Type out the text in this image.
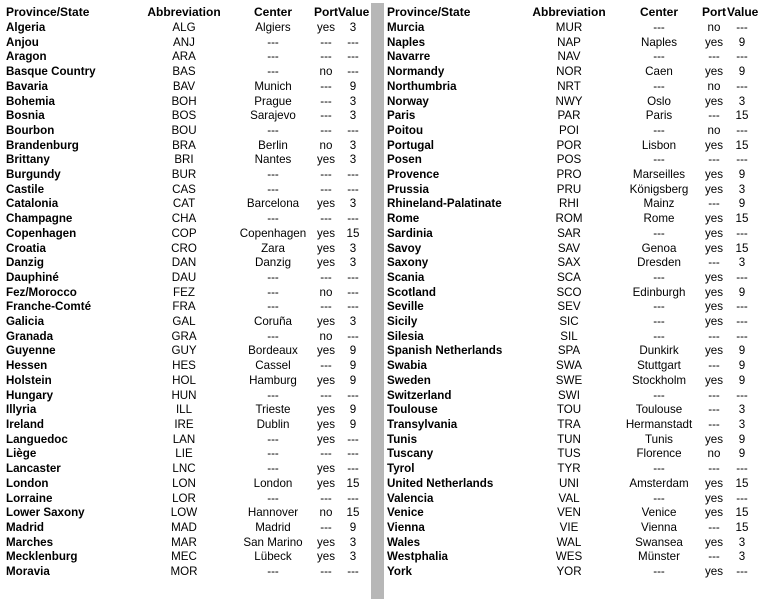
Province/State	Abbreviation	Center	Port	Value
Algeria	ALG	Algiers	yes	3
Anjou	ANJ	---	---	---
Aragon	ARA	---	---	---
Basque Country	BAS	---	no	---
Bavaria	BAV	Munich	---	9
Bohemia	BOH	Prague	---	3
Bosnia	BOS	Sarajevo	---	3
Bourbon	BOU	---	---	---
Brandenburg	BRA	Berlin	no	3
Brittany	BRI	Nantes	yes	3
Burgundy	BUR	---	---	---
Castile	CAS	---	---	---
Catalonia	CAT	Barcelona	yes	3
Champagne	CHA	---	---	---
Copenhagen	COP	Copenhagen	yes	15
Croatia	CRO	Zara	yes	3
Danzig	DAN	Danzig	yes	3
Dauphiné	DAU	---	---	---
Fez/Morocco	FEZ	---	no	---
Franche-Comté	FRA	---	---	---
Galicia	GAL	Coruña	yes	3
Granada	GRA	---	no	---
Guyenne	GUY	Bordeaux	yes	9
Hessen	HES	Cassel	---	9
Holstein	HOL	Hamburg	yes	9
Hungary	HUN	---	---	---
Illyria	ILL	Trieste	yes	9
Ireland	IRE	Dublin	yes	9
Languedoc	LAN	---	yes	---
Liège	LIE	---	---	---
Lancaster	LNC	---	yes	---
London	LON	London	yes	15
Lorraine	LOR	---	---	---
Lower Saxony	LOW	Hannover	no	15
Madrid	MAD	Madrid	---	9
Marches	MAR	San Marino	yes	3
Mecklenburg	MEC	Lübeck	yes	3
Moravia	MOR	---	---	---
Province/State	Abbreviation	Center	Port	Value
Murcia	MUR	---	no	---
Naples	NAP	Naples	yes	9
Navarre	NAV	---	---	---
Normandy	NOR	Caen	yes	9
Northumbria	NRT	---	no	---
Norway	NWY	Oslo	yes	3
Paris	PAR	Paris	---	15
Poitou	POI	---	no	---
Portugal	POR	Lisbon	yes	15
Posen	POS	---	---	---
Provence	PRO	Marseilles	yes	9
Prussia	PRU	Königsberg	yes	3
Rhineland-Palatinate	RHI	Mainz	---	9
Rome	ROM	Rome	yes	15
Sardinia	SAR	---	yes	---
Savoy	SAV	Genoa	yes	15
Saxony	SAX	Dresden	---	3
Scania	SCA	---	yes	---
Scotland	SCO	Edinburgh	yes	9
Seville	SEV	---	yes	---
Sicily	SIC	---	yes	---
Silesia	SIL	---	---	---
Spanish Netherlands	SPA	Dunkirk	yes	9
Swabia	SWA	Stuttgart	---	9
Sweden	SWE	Stockholm	yes	9
Switzerland	SWI	---	---	---
Toulouse	TOU	Toulouse	---	3
Transylvania	TRA	Hermanstadt	---	3
Tunis	TUN	Tunis	yes	9
Tuscany	TUS	Florence	no	9
Tyrol	TYR	---	---	---
United Netherlands	UNI	Amsterdam	yes	15
Valencia	VAL	---	yes	---
Venice	VEN	Venice	yes	15
Vienna	VIE	Vienna	---	15
Wales	WAL	Swansea	yes	3
Westphalia	WES	Münster	---	3
York	YOR	---	yes	---
